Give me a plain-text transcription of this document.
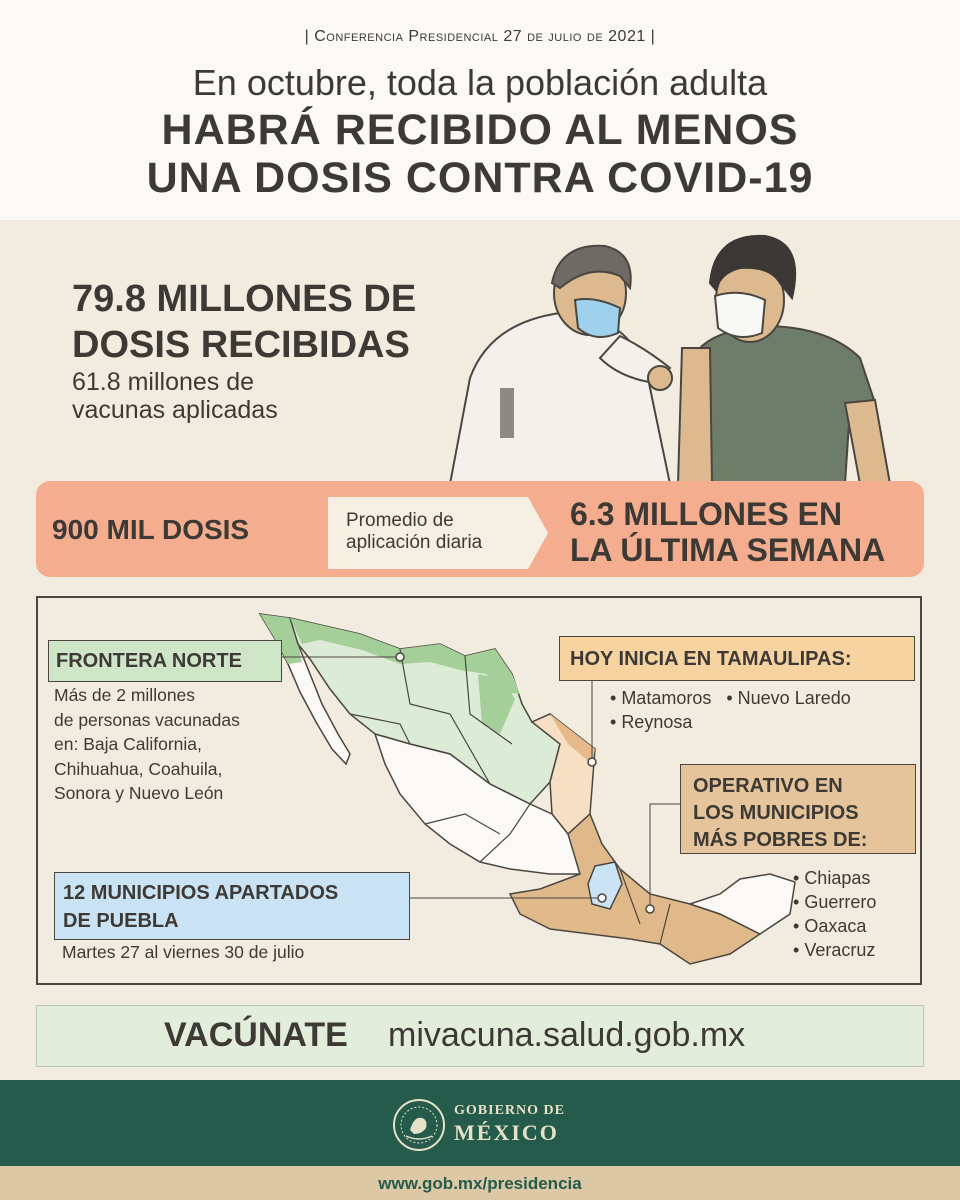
| Conferencia Presidencial 27 de julio de 2021 |
En octubre, toda la población adulta
HABRÁ RECIBIDO AL MENOS
UNA DOSIS CONTRA COVID-19
79.8 MILLONES DE
DOSIS RECIBIDAS
61.8 millones de
vacunas aplicadas
900 MIL DOSIS	Promedio de
aplicación diaria
6.3 MILLONES EN
LA ÚLTIMA SEMANA
FRONTERA NORTE
Más de 2 millones
de personas vacunadas
en: Baja California,
Chihuahua, Coahuila,
Sonora y Nuevo León
HOY INICIA EN TAMAULIPAS:
• Matamoros   • Nuevo Laredo
• Reynosa
OPERATIVO EN
LOS MUNICIPIOS
MÁS POBRES DE:
• Chiapas
• Guerrero
• Oaxaca
• Veracruz
12 MUNICIPIOS APARTADOS
DE PUEBLA
Martes 27 al viernes 30 de julio
VACÚNATE mivacuna.salud.gob.mx
GOBIERNO DE
MÉXICO
www.gob.mx/presidencia
